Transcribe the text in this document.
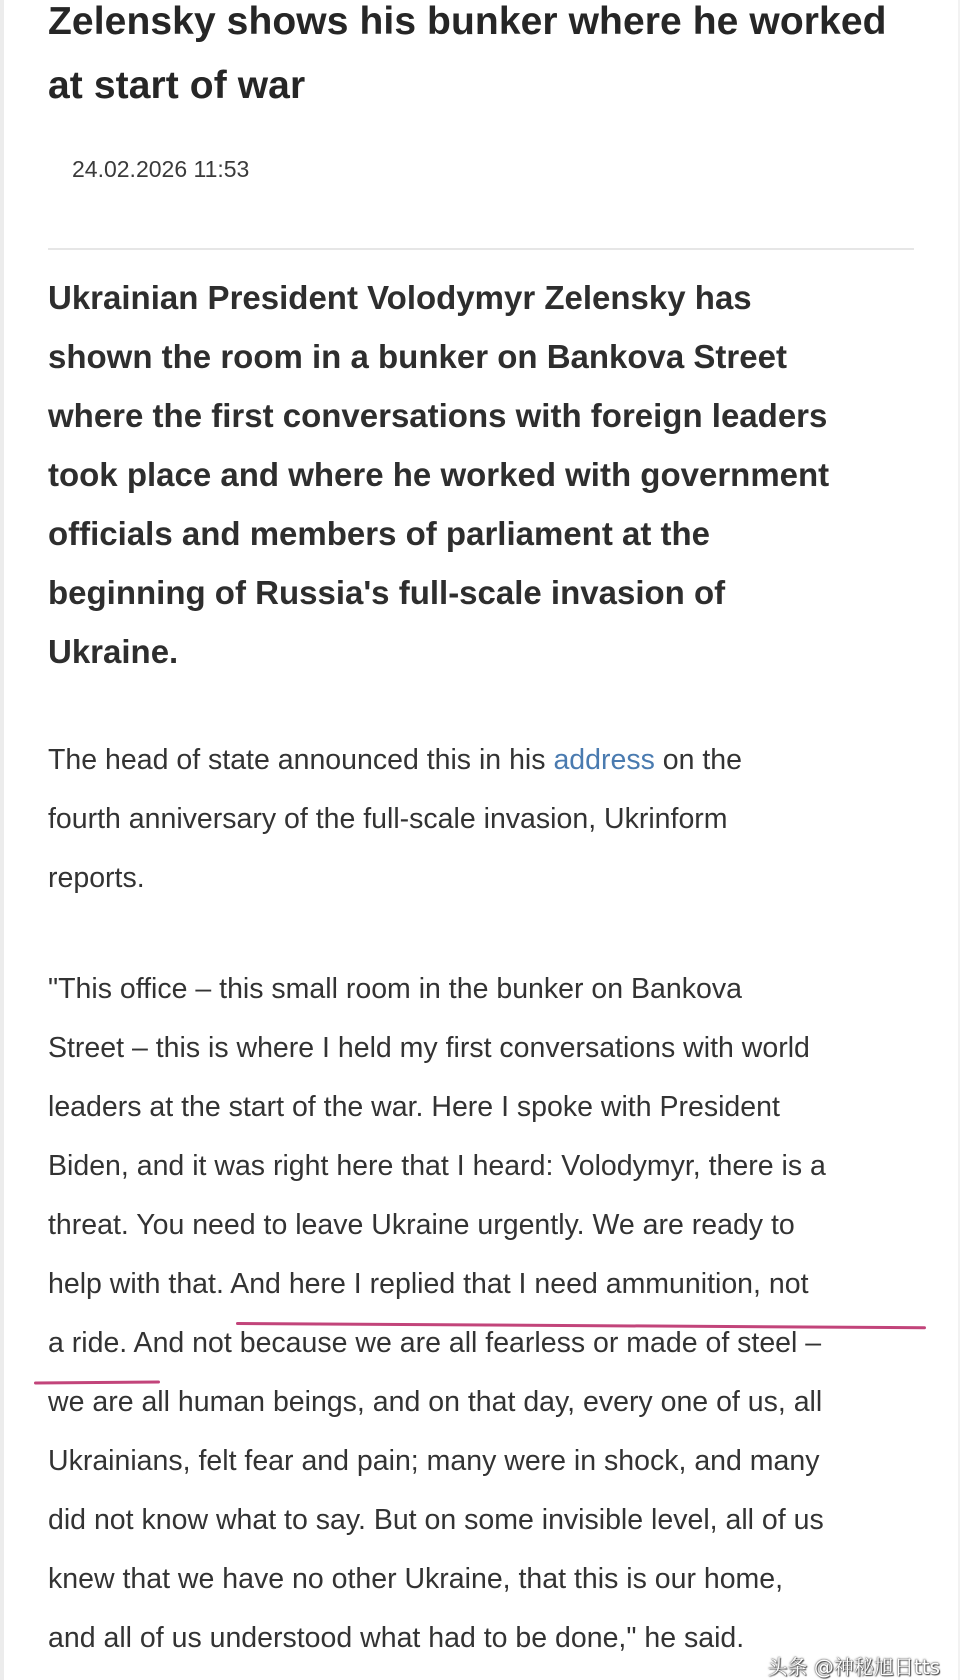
Zelensky shows his bunker where he worked
at start of war
24.02.2026 11:53
Ukrainian President Volodymyr Zelensky has
shown the room in a bunker on Bankova Street
where the first conversations with foreign leaders
took place and where he worked with government
officials and members of parliament at the
beginning of Russia's full-scale invasion of
Ukraine.
The head of state announced this in his address on the
fourth anniversary of the full-scale invasion, Ukrinform
reports.
"This office – this small room in the bunker on Bankova
Street – this is where I held my first conversations with world
leaders at the start of the war. Here I spoke with President
Biden, and it was right here that I heard: Volodymyr, there is a
threat. You need to leave Ukraine urgently. We are ready to
help with that. And here I replied that I need ammunition, not
a ride. And not because we are all fearless or made of steel –
we are all human beings, and on that day, every one of us, all
Ukrainians, felt fear and pain; many were in shock, and many
did not know what to say. But on some invisible level, all of us
knew that we have no other Ukraine, that this is our home,
and all of us understood what had to be done," he said.
头条 @神秘旭日tts
